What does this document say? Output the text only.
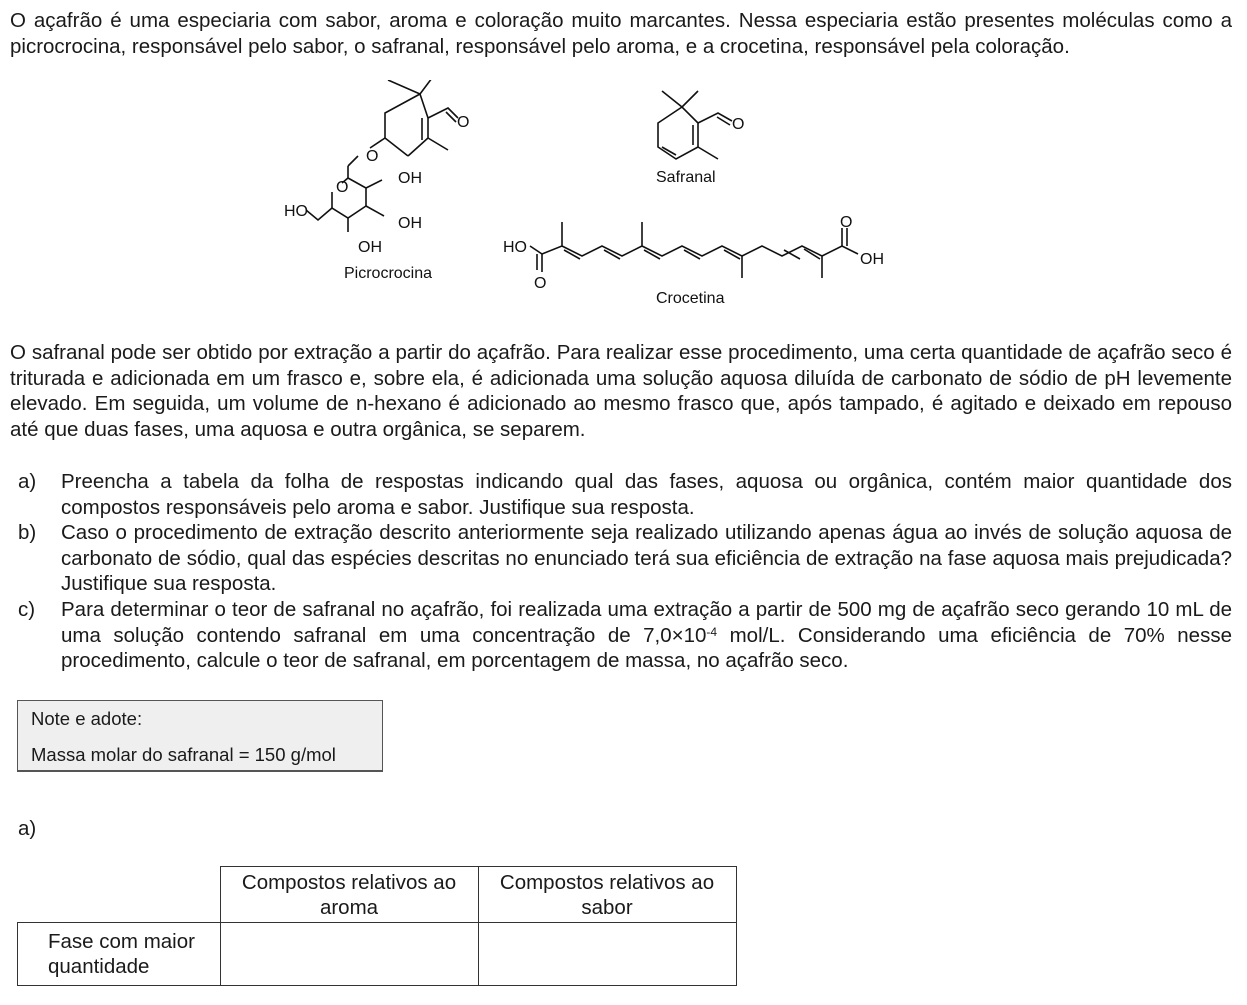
O açafrão é uma especiaria com sabor, aroma e coloração muito marcantes. Nessa especiaria estão presentes moléculas como a picrocrocina, responsável pelo sabor, o safranal, responsável pelo aroma, e a crocetina, responsável pela coloração.
O
O
O
OH
HO
OH
OH
Picrocrocina
O
Safranal
HO
O
O
OH
Crocetina
O safranal pode ser obtido por extração a partir do açafrão. Para realizar esse procedimento, uma certa quantidade de açafrão seco é triturada e adicionada em um frasco e, sobre ela, é adicionada uma solução aquosa diluída de carbonato de sódio de pH levemente elevado. Em seguida, um volume de n-hexano é adicionado ao mesmo frasco que, após tampado, é agitado e deixado em repouso até que duas fases, uma aquosa e outra orgânica, se separem.
a)	Preencha a tabela da folha de respostas indicando qual das fases, aquosa ou orgânica, contém maior quantidade dos compostos responsáveis pelo aroma e sabor. Justifique sua resposta.
b)	Caso o procedimento de extração descrito anteriormente seja realizado utilizando apenas água ao invés de solução aquosa de carbonato de sódio, qual das espécies descritas no enunciado terá sua eficiência de extração na fase aquosa mais prejudicada? Justifique sua resposta.
c)	Para determinar o teor de safranal no açafrão, foi realizada uma extração a partir de 500 mg de açafrão seco gerando 10 mL de uma solução contendo safranal em uma concentração de $7,0\times 10^{-4}$ mol/L. Considerando uma eficiência de 70% nesse procedimento, calcule o teor de safranal, em porcentagem de massa, no açafrão seco.
Note e adote:
Massa molar do safranal = 150 g/mol
a)
	Compostos relativos ao aroma	Compostos relativos ao sabor
Fase com maior quantidade		
